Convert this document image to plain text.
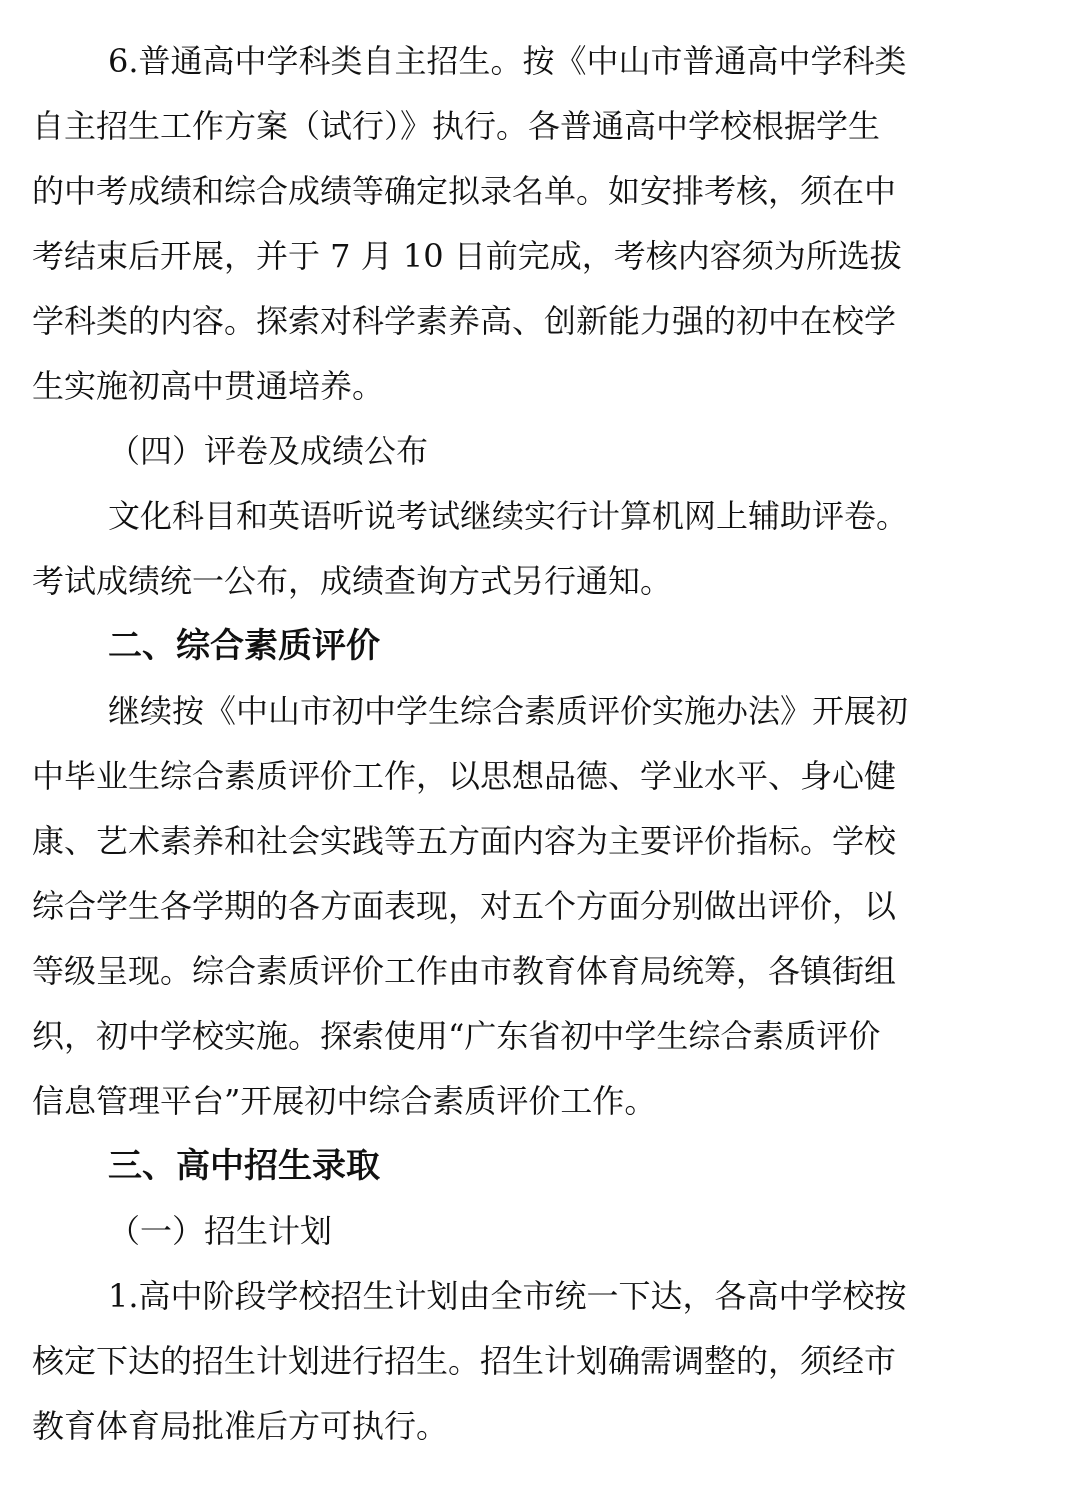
6.普通高中学科类自主招生。按《中山市普通高中学科类
自主招生工作方案（试行）》执行。各普通高中学校根据学生
的中考成绩和综合成绩等确定拟录名单。如安排考核，须在中
考结束后开展，并于 7 月 10 日前完成，考核内容须为所选拔
学科类的内容。探索对科学素养高、创新能力强的初中在校学
生实施初高中贯通培养。
（四）评卷及成绩公布
文化科目和英语听说考试继续实行计算机网上辅助评卷。
考试成绩统一公布，成绩查询方式另行通知。
二、综合素质评价
继续按《中山市初中学生综合素质评价实施办法》开展初
中毕业生综合素质评价工作，以思想品德、学业水平、身心健
康、艺术素养和社会实践等五方面内容为主要评价指标。学校
综合学生各学期的各方面表现，对五个方面分别做出评价，以
等级呈现。综合素质评价工作由市教育体育局统筹，各镇街组
织，初中学校实施。探索使用“广东省初中学生综合素质评价
信息管理平台”开展初中综合素质评价工作。
三、高中招生录取
（一）招生计划
1.高中阶段学校招生计划由全市统一下达，各高中学校按
核定下达的招生计划进行招生。招生计划确需调整的，须经市
教育体育局批准后方可执行。
